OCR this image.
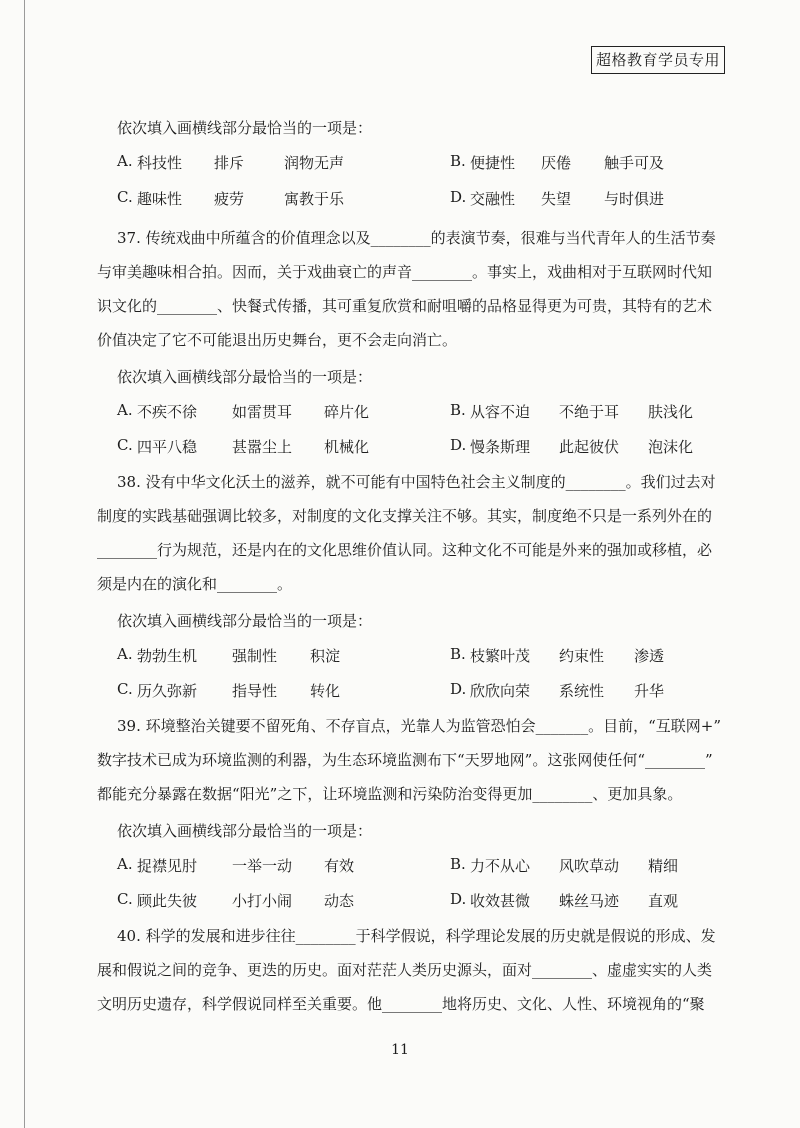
超格教育学员专用
依次填入画横线部分最恰当的一项是：
A. 科技性 排斥	润物无声	B. 便捷性 厌倦 触手可及
C. 趣味性 疲劳	寓教于乐	D. 交融性 失望 与时俱进
37. 传统戏曲中所蕴含的价值理念以及________的表演节奏，很难与当代青年人的生活节奏
与审美趣味相合拍。因而，关于戏曲衰亡的声音________。事实上，戏曲相对于互联网时代知
识文化的________、快餐式传播，其可重复欣赏和耐咀嚼的品格显得更为可贵，其特有的艺术
价值决定了它不可能退出历史舞台，更不会走向消亡。
依次填入画横线部分最恰当的一项是：
A. 不疾不徐 如雷贯耳 碎片化	B. 从容不迫 不绝于耳 肤浅化
C. 四平八稳 甚嚣尘上 机械化	D. 慢条斯理 此起彼伏 泡沫化
38. 没有中华文化沃土的滋养，就不可能有中国特色社会主义制度的________。我们过去对
制度的实践基础强调比较多，对制度的文化支撑关注不够。其实，制度绝不只是一系列外在的
________行为规范，还是内在的文化思维价值认同。这种文化不可能是外来的强加或移植，必
须是内在的演化和________。
依次填入画横线部分最恰当的一项是：
A. 勃勃生机 强制性 积淀	B. 枝繁叶茂 约束性 渗透
C. 历久弥新 指导性 转化	D. 欣欣向荣 系统性 升华
39. 环境整治关键要不留死角、不存盲点，光靠人为监管恐怕会_______。目前，“互联网+”
数字技术已成为环境监测的利器，为生态环境监测布下“天罗地网”。这张网使任何“________”
都能充分暴露在数据“阳光”之下，让环境监测和污染防治变得更加________、更加具象。
依次填入画横线部分最恰当的一项是：
A. 捉襟见肘 一举一动 有效	B. 力不从心 风吹草动 精细
C. 顾此失彼 小打小闹 动态	D. 收效甚微 蛛丝马迹 直观
40. 科学的发展和进步往往________于科学假说，科学理论发展的历史就是假说的形成、发
展和假说之间的竞争、更迭的历史。面对茫茫人类历史源头，面对________、虚虚实实的人类
文明历史遗存，科学假说同样至关重要。他________地将历史、文化、人性、环境视角的“聚
11
